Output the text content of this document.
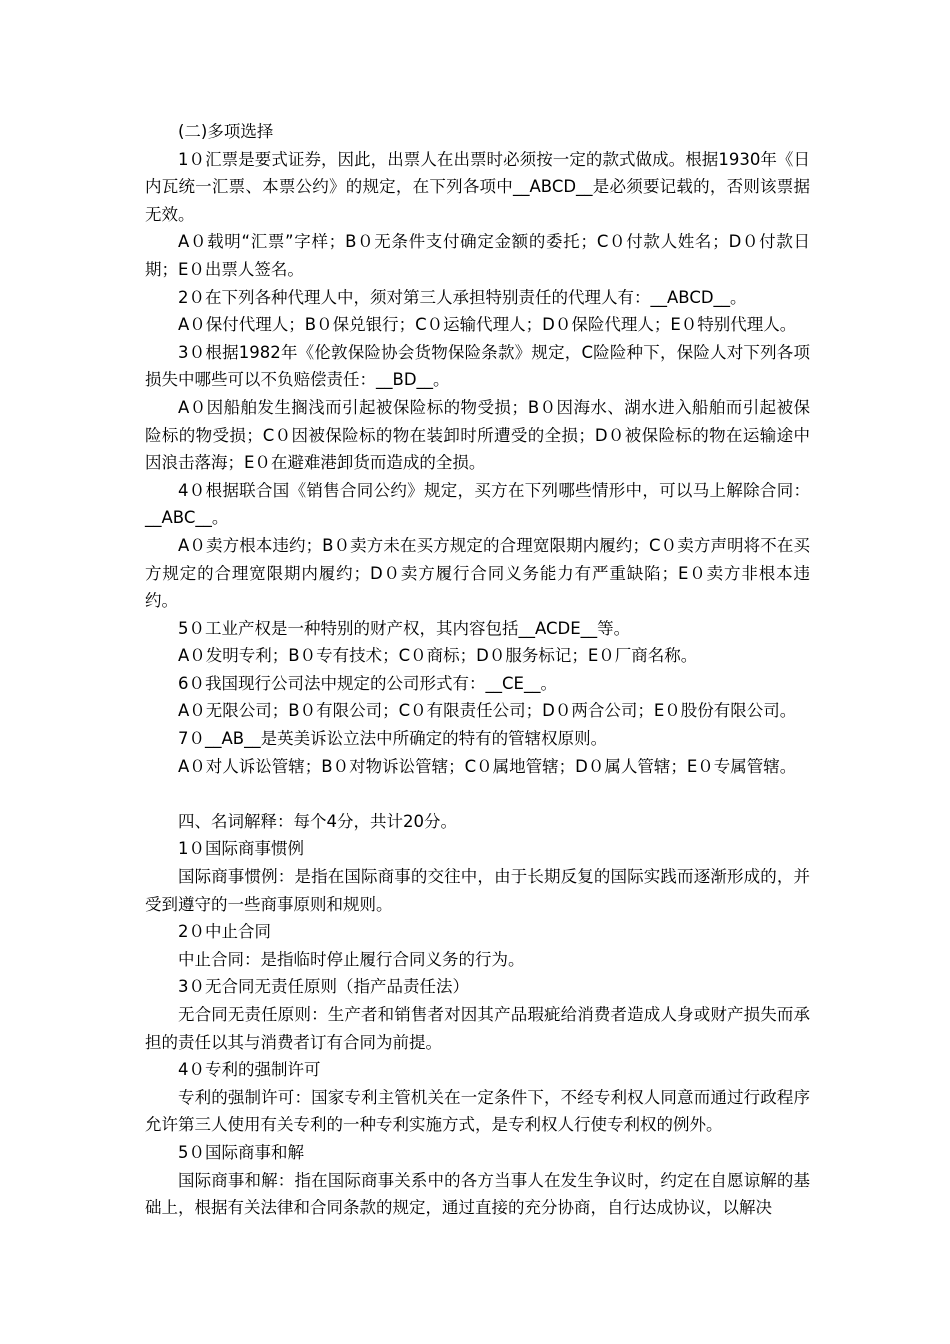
(二)多项选择

1０汇票是要式证券，因此，出票人在出票时必须按一定的款式做成。根据1930年《日内瓦统一汇票、本票公约》的规定，在下列各项中__ABCD__是必须要记载的，否则该票据无效。

A０载明“汇票”字样；B０无条件支付确定金额的委托；C０付款人姓名；D０付款日期；E０出票人签名。

2０在下列各种代理人中，须对第三人承担特别责任的代理人有：__ABCD__。

A０保付代理人；B０保兑银行；C０运输代理人；D０保险代理人；E０特别代理人。

3０根据1982年《伦敦保险协会货物保险条款》规定，C险险种下，保险人对下列各项损失中哪些可以不负赔偿责任：__BD__。

A０因船舶发生搁浅而引起被保险标的物受损；B０因海水、湖水进入船舶而引起被保险标的物受损；C０因被保险标的物在装卸时所遭受的全损；D０被保险标的物在运输途中因浪击落海；E０在避难港卸货而造成的全损。

4０根据联合国《销售合同公约》规定，买方在下列哪些情形中，可以马上解除合同：__ABC__。

A０卖方根本违约；B０卖方未在买方规定的合理宽限期内履约；C０卖方声明将不在买方规定的合理宽限期内履约；D０卖方履行合同义务能力有严重缺陷；E０卖方非根本违约。

5０工业产权是一种特别的财产权，其内容包括__ACDE__等。

A０发明专利；B０专有技术；C０商标；D０服务标记；E０厂商名称。

6０我国现行公司法中规定的公司形式有：__CE__。

A０无限公司；B０有限公司；C０有限责任公司；D０两合公司；E０股份有限公司。

7０__AB__是英美诉讼立法中所确定的特有的管辖权原则。

A０对人诉讼管辖；B０对物诉讼管辖；C０属地管辖；D０属人管辖；E０专属管辖。

四、名词解释：每个4分，共计20分。

1０国际商事惯例

国际商事惯例：是指在国际商事的交往中，由于长期反复的国际实践而逐渐形成的，并受到遵守的一些商事原则和规则。

2０中止合同

中止合同：是指临时停止履行合同义务的行为。

3０无合同无责任原则（指产品责任法）

无合同无责任原则：生产者和销售者对因其产品瑕疵给消费者造成人身或财产损失而承担的责任以其与消费者订有合同为前提。

4０专利的强制许可

专利的强制许可：国家专利主管机关在一定条件下，不经专利权人同意而通过行政程序允许第三人使用有关专利的一种专利实施方式，是专利权人行使专利权的例外。

5０国际商事和解

国际商事和解：指在国际商事关系中的各方当事人在发生争议时，约定在自愿谅解的基础上，根据有关法律和合同条款的规定，通过直接的充分协商，自行达成协议，以解决
